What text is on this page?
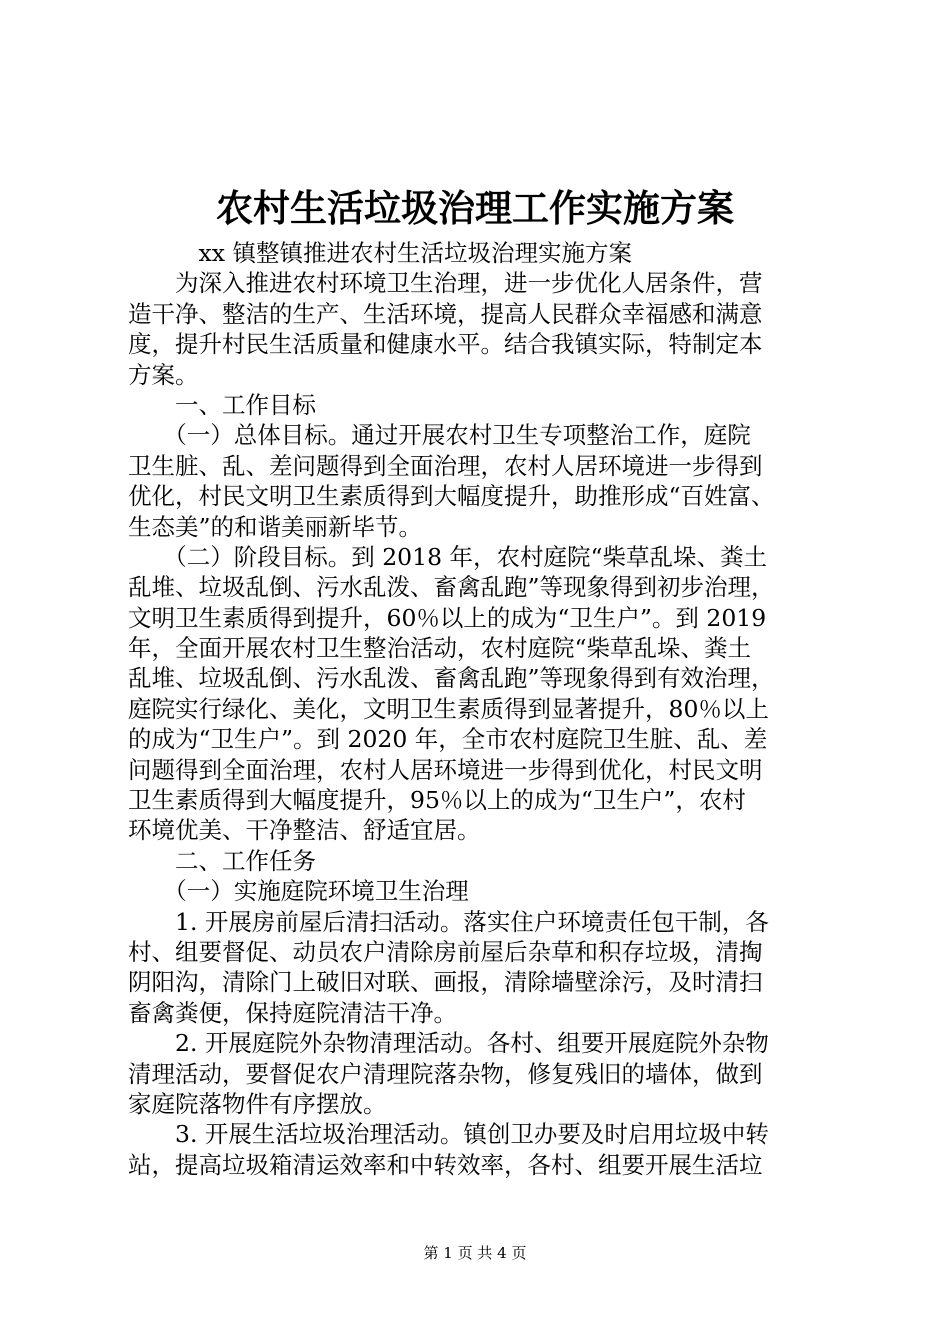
农村生活垃圾治理工作实施方案
　　　xx 镇整镇推进农村生活垃圾治理实施方案
　　为深入推进农村环境卫生治理，进一步优化人居条件，营
造干净、整洁的生产、生活环境，提高人民群众幸福感和满意
度，提升村民生活质量和健康水平。结合我镇实际，特制定本
方案。
　　一、工作目标
　　（一）总体目标。通过开展农村卫生专项整治工作，庭院
卫生脏、乱、差问题得到全面治理，农村人居环境进一步得到
优化，村民文明卫生素质得到大幅度提升，助推形成“百姓富、
生态美”的和谐美丽新毕节。
　　（二）阶段目标。到 2018 年，农村庭院“柴草乱垛、粪土
乱堆、垃圾乱倒、污水乱泼、畜禽乱跑”等现象得到初步治理，
文明卫生素质得到提升，60％以上的成为“卫生户”。到 2019
年，全面开展农村卫生整治活动，农村庭院“柴草乱垛、粪土
乱堆、垃圾乱倒、污水乱泼、畜禽乱跑”等现象得到有效治理，
庭院实行绿化、美化，文明卫生素质得到显著提升，80％以上
的成为“卫生户”。到 2020 年，全市农村庭院卫生脏、乱、差
问题得到全面治理，农村人居环境进一步得到优化，村民文明
卫生素质得到大幅度提升，95％以上的成为“卫生户”，农村
环境优美、干净整洁、舒适宜居。
　　二、工作任务
　　（一）实施庭院环境卫生治理
　　1. 开展房前屋后清扫活动。落实住户环境责任包干制，各
村、组要督促、动员农户清除房前屋后杂草和积存垃圾，清掏
阴阳沟，清除门上破旧对联、画报，清除墙壁涂污，及时清扫
畜禽粪便，保持庭院清洁干净。
　　2. 开展庭院外杂物清理活动。各村、组要开展庭院外杂物
清理活动，要督促农户清理院落杂物，修复残旧的墙体，做到
家庭院落物件有序摆放。
　　3. 开展生活垃圾治理活动。镇创卫办要及时启用垃圾中转
站，提高垃圾箱清运效率和中转效率，各村、组要开展生活垃
第 1 页 共 4 页
